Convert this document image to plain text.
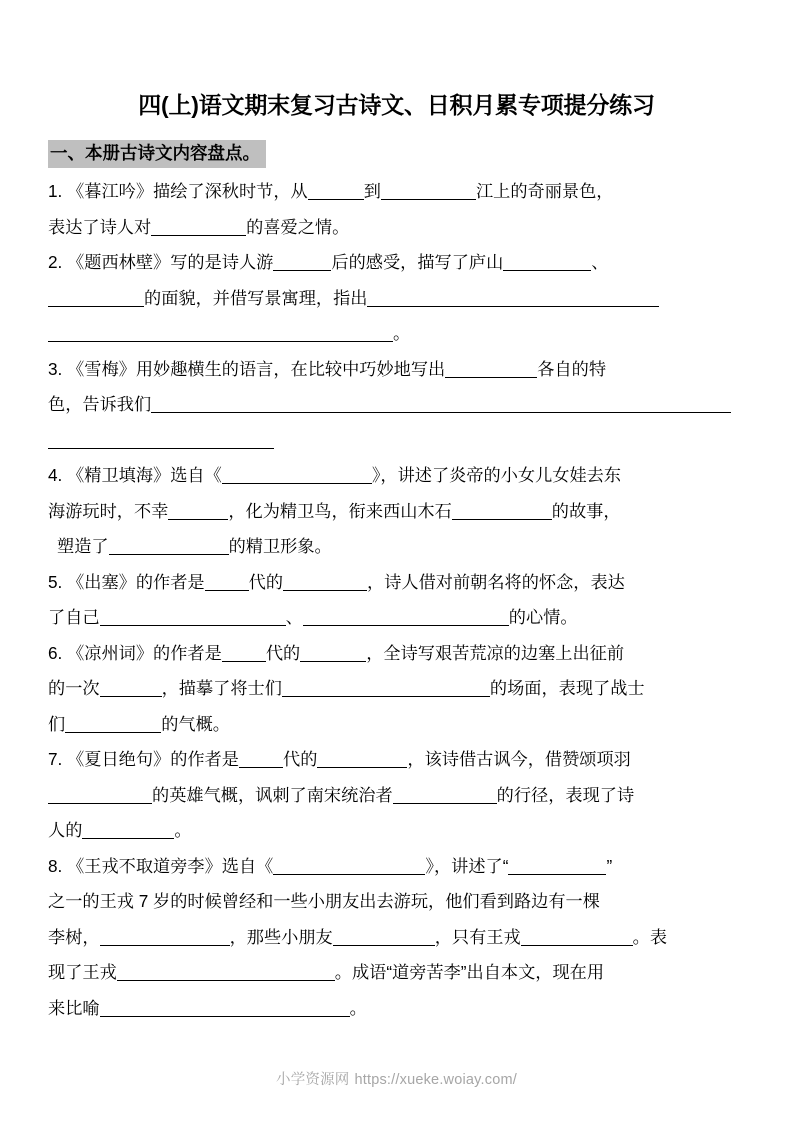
四(上)语文期末复习古诗文、日积月累专项提分练习
一、本册古诗文内容盘点。
1. 《暮江吟》描绘了深秋时节，从	到	江上的奇丽景色，
表达了诗人对	的喜爱之情。
2. 《题西林壁》写的是诗人游	后的感受，描写了庐山	、
的面貌，并借写景寓理，指出
。
3. 《雪梅》用妙趣横生的语言，在比较中巧妙地写出	各自的特
色，告诉我们
4. 《精卫填海》选自《	》，讲述了炎帝的小女儿女娃去东
海游玩时，不幸	，化为精卫鸟，衔来西山木石	的故事，
塑造了	的精卫形象。
5. 《出塞》的作者是	代的	，诗人借对前朝名将的怀念，表达
了自己	、	的心情。
6. 《凉州词》的作者是	代的	，全诗写艰苦荒凉的边塞上出征前
的一次	，描摹了将士们	的场面，表现了战士
们	的气概。
7. 《夏日绝句》的作者是	代的	，该诗借古讽今，借赞颂项羽
的英雄气概，讽刺了南宋统治者	的行径，表现了诗
人的	。
8. 《王戎不取道旁李》选自《	》，讲述了“	”
之一的王戎 7 岁的时候曾经和一些小朋友出去游玩，他们看到路边有一棵
李树，	，那些小朋友	，只有王戎	。表
现了王戎	。成语“道旁苦李”出自本文，现在用
来比喻	。
小学资源网 https://xueke.woiay.com/
